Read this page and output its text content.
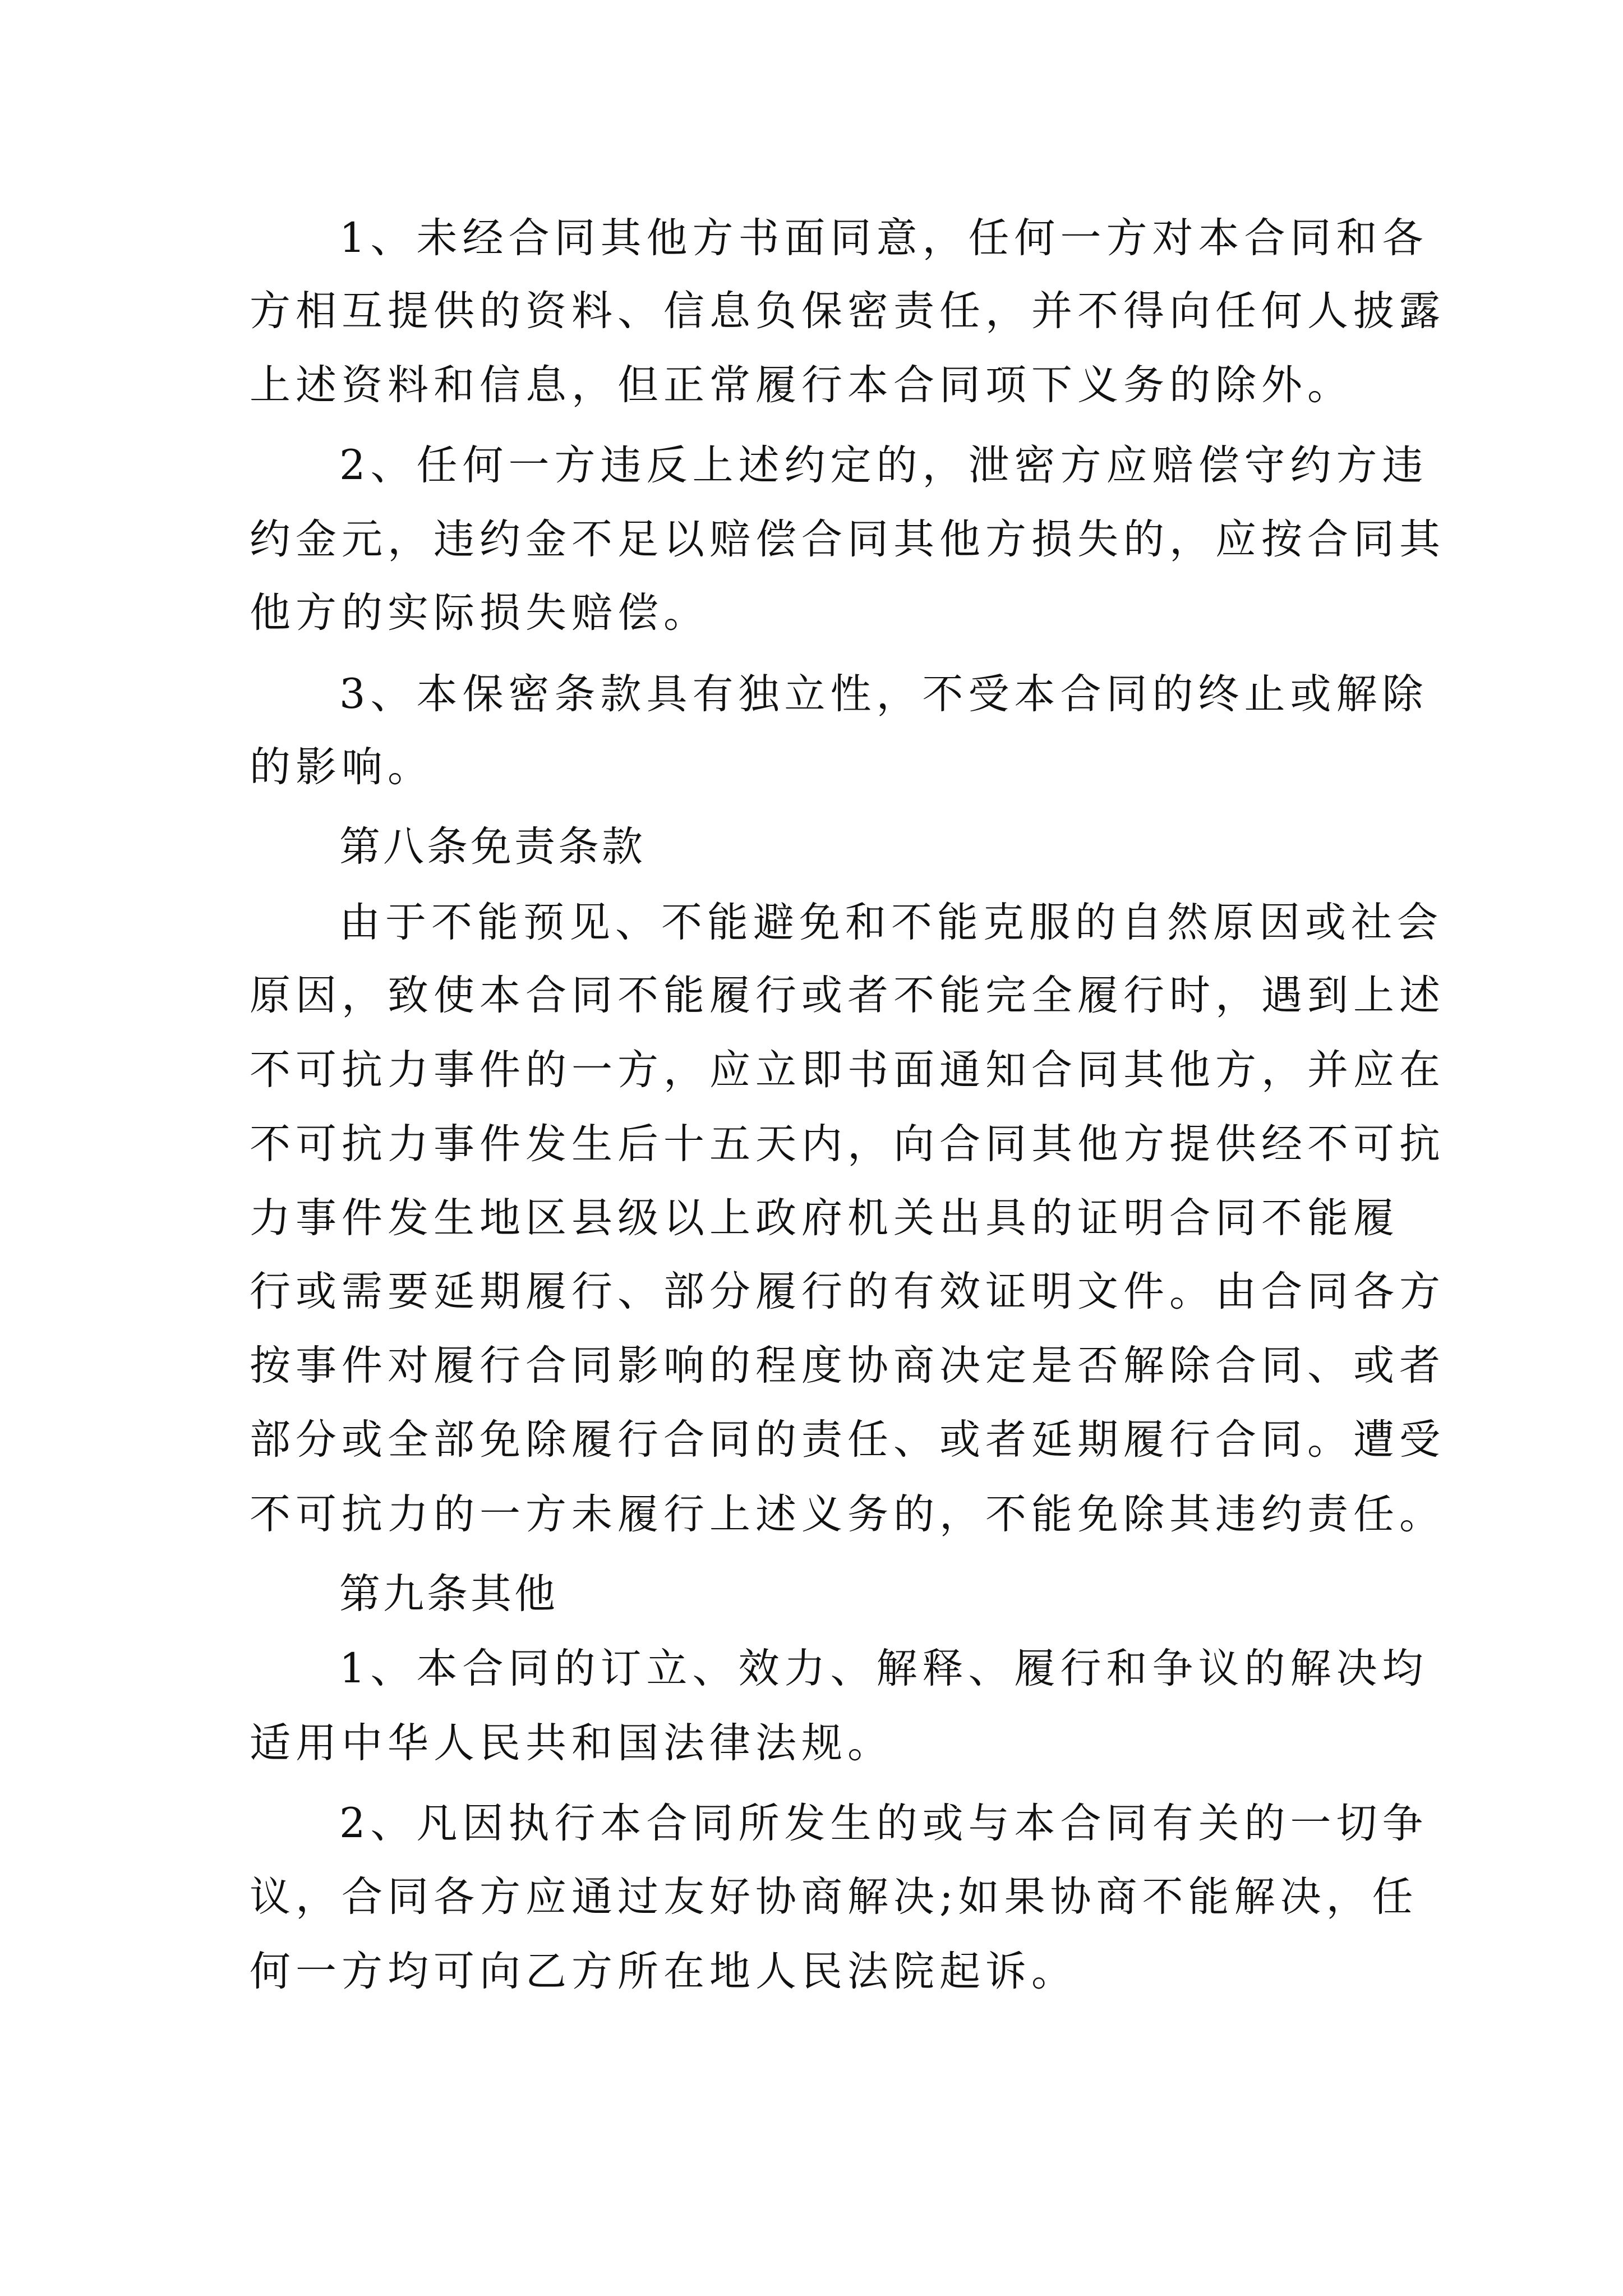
1、未经合同其他方书面同意，任何一方对本合同和各
方相互提供的资料、信息负保密责任，并不得向任何人披露
上述资料和信息，但正常履行本合同项下义务的除外。
2、任何一方违反上述约定的，泄密方应赔偿守约方违
约金元，违约金不足以赔偿合同其他方损失的，应按合同其
他方的实际损失赔偿。
3、本保密条款具有独立性，不受本合同的终止或解除
的影响。
第八条免责条款
由于不能预见、不能避免和不能克服的自然原因或社会
原因，致使本合同不能履行或者不能完全履行时，遇到上述
不可抗力事件的一方，应立即书面通知合同其他方，并应在
不可抗力事件发生后十五天内，向合同其他方提供经不可抗
力事件发生地区县级以上政府机关出具的证明合同不能履
行或需要延期履行、部分履行的有效证明文件。由合同各方
按事件对履行合同影响的程度协商决定是否解除合同、或者
部分或全部免除履行合同的责任、或者延期履行合同。遭受
不可抗力的一方未履行上述义务的，不能免除其违约责任。
第九条其他
1、本合同的订立、效力、解释、履行和争议的解决均
适用中华人民共和国法律法规。
2、凡因执行本合同所发生的或与本合同有关的一切争
议，合同各方应通过友好协商解决;如果协商不能解决，任
何一方均可向乙方所在地人民法院起诉。
